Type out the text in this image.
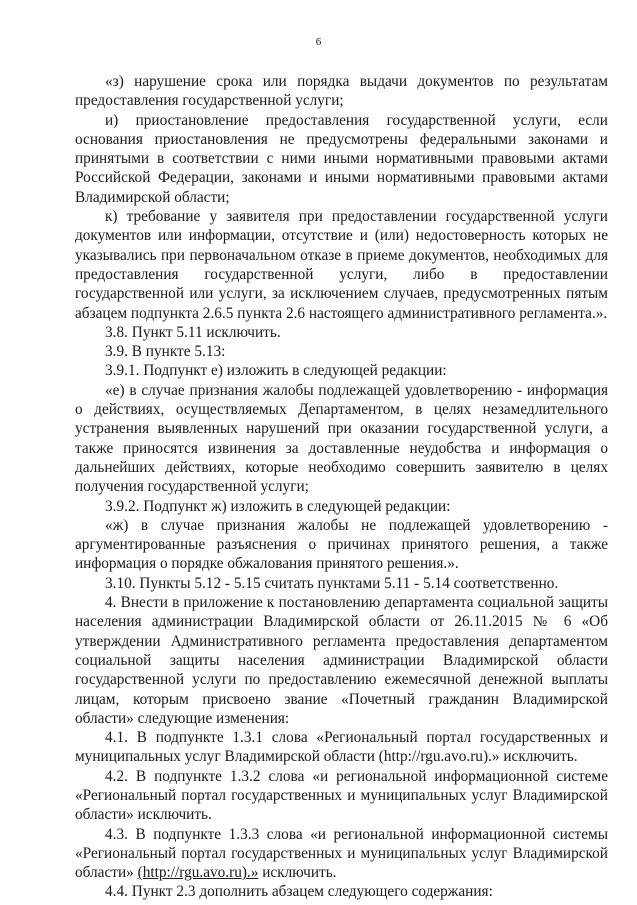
6

«з) нарушение срока или порядка выдачи документов по результатам предоставления государственной услуги;

и) приостановление предоставления государственной услуги, если основания приостановления не предусмотрены федеральными законами и принятыми в соответствии с ними иными нормативными правовыми актами Российской Федерации, законами и иными нормативными правовыми актами Владимирской области;

к) требование у заявителя при предоставлении государственной услуги документов или информации, отсутствие и (или) недостоверность которых не указывались при первоначальном отказе в приеме документов, необходимых для предоставления государственной услуги, либо в предоставлении государственной или услуги, за исключением случаев, предусмотренных пятым абзацем подпункта 2.6.5 пункта 2.6 настоящего административного регламента.».

3.8. Пункт 5.11 исключить.

3.9. В пункте 5.13:

3.9.1. Подпункт е) изложить в следующей редакции:

«е) в случае признания жалобы подлежащей удовлетворению - информация о действиях, осуществляемых Департаментом, в целях незамедлительного устранения выявленных нарушений при оказании государственной услуги, а также приносятся извинения за доставленные неудобства и информация о дальнейших действиях, которые необходимо совершить заявителю в целях получения государственной услуги;

3.9.2. Подпункт ж) изложить в следующей редакции:

«ж) в случае признания жалобы не подлежащей удовлетворению - аргументированные разъяснения о причинах принятого решения, а также информация о порядке обжалования принятого решения.».

3.10. Пункты 5.12 - 5.15 считать пунктами 5.11 - 5.14 соответственно.

4. Внести в приложение к постановлению департамента социальной защиты населения администрации Владимирской области от 26.11.2015 № 6 «Об утверждении Административного регламента предоставления департаментом социальной защиты населения администрации Владимирской области государственной услуги по предоставлению ежемесячной денежной выплаты лицам, которым присвоено звание «Почетный гражданин Владимирской области» следующие изменения:

4.1. В подпункте 1.3.1 слова «Региональный портал государственных и муниципальных услуг Владимирской области (http://rgu.avo.ru).» исключить.

4.2. В подпункте 1.3.2 слова «и региональной информационной системе «Региональный портал государственных и муниципальных услуг Владимирской области» исключить.

4.3. В подпункте 1.3.3 слова «и региональной информационной системы «Региональный портал государственных и муниципальных услуг Владимирской области» (http://rgu.avo.ru).» исключить.

4.4. Пункт 2.3 дополнить абзацем следующего содержания:
